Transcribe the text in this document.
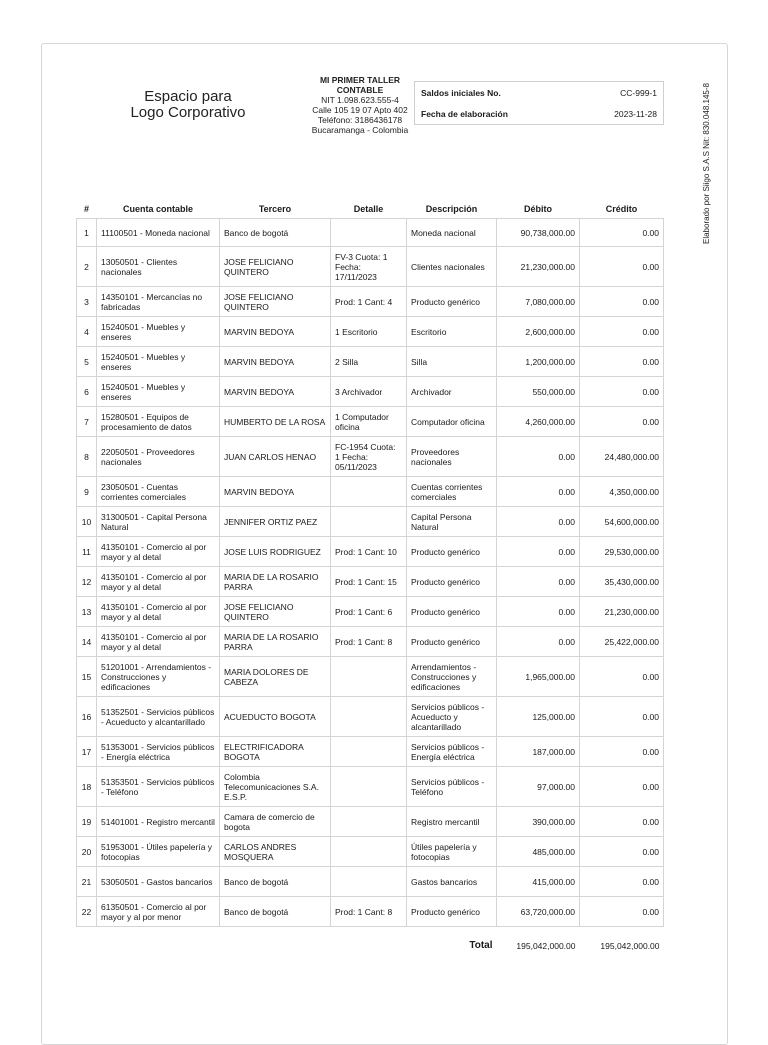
Elaborado por Siigo S.A.S Nit: 830.048.145-8
Espacio para
Logo Corporativo
MI PRIMER TALLER CONTABLE
NIT 1.098.623.555-4
Calle 105 19 07 Apto 402
Teléfono: 3186436178
Bucaramanga - Colombia
Saldos iniciales No.	CC-999-1
Fecha de elaboración	2023-11-28
#	Cuenta contable	Tercero	Detalle	Descripción	Débito	Crédito
1	11100501 - Moneda nacional	Banco de bogotá		Moneda nacional	90,738,000.00	0.00
2	13050501 - Clientes nacionales	JOSE FELICIANO QUINTERO	FV-3 Cuota: 1 Fecha: 17/11/2023	Clientes nacionales	21,230,000.00	0.00
3	14350101 - Mercancías no fabricadas	JOSE FELICIANO QUINTERO	Prod: 1 Cant: 4	Producto genérico	7,080,000.00	0.00
4	15240501 - Muebles y enseres	MARVIN BEDOYA	1 Escritorio	Escritorio	2,600,000.00	0.00
5	15240501 - Muebles y enseres	MARVIN BEDOYA	2 Silla	Silla	1,200,000.00	0.00
6	15240501 - Muebles y enseres	MARVIN BEDOYA	3 Archivador	Archivador	550,000.00	0.00
7	15280501 - Equipos de procesamiento de datos	HUMBERTO DE LA ROSA	1 Computador oficina	Computador oficina	4,260,000.00	0.00
8	22050501 - Proveedores nacionales	JUAN CARLOS HENAO	FC-1954 Cuota: 1 Fecha: 05/11/2023	Proveedores nacionales	0.00	24,480,000.00
9	23050501 - Cuentas corrientes comerciales	MARVIN BEDOYA		Cuentas corrientes comerciales	0.00	4,350,000.00
10	31300501 - Capital Persona Natural	JENNIFER ORTIZ PAEZ		Capital Persona Natural	0.00	54,600,000.00
11	41350101 - Comercio al por mayor y al detal	JOSE LUIS RODRIGUEZ	Prod: 1 Cant: 10	Producto genérico	0.00	29,530,000.00
12	41350101 - Comercio al por mayor y al detal	MARIA DE LA ROSARIO PARRA	Prod: 1 Cant: 15	Producto genérico	0.00	35,430,000.00
13	41350101 - Comercio al por mayor y al detal	JOSE FELICIANO QUINTERO	Prod: 1 Cant: 6	Producto genérico	0.00	21,230,000.00
14	41350101 - Comercio al por mayor y al detal	MARIA DE LA ROSARIO PARRA	Prod: 1 Cant: 8	Producto genérico	0.00	25,422,000.00
15	51201001 - Arrendamientos - Construcciones y edificaciones	MARIA DOLORES DE CABEZA		Arrendamientos - Construcciones y edificaciones	1,965,000.00	0.00
16	51352501 - Servicios públicos - Acueducto y alcantarillado	ACUEDUCTO BOGOTA		Servicios públicos - Acueducto y alcantarillado	125,000.00	0.00
17	51353001 - Servicios públicos - Energía eléctrica	ELECTRIFICADORA BOGOTA		Servicios públicos - Energía eléctrica	187,000.00	0.00
18	51353501 - Servicios públicos - Teléfono	Colombia Telecomunicaciones S.A. E.S.P.		Servicios públicos - Teléfono	97,000.00	0.00
19	51401001 - Registro mercantil	Camara de comercio de bogota		Registro mercantil	390,000.00	0.00
20	51953001 - Útiles papelería y fotocopias	CARLOS ANDRES MOSQUERA		Útiles papelería y fotocopias	485,000.00	0.00
21	53050501 - Gastos bancarios	Banco de bogotá		Gastos bancarios	415,000.00	0.00
22	61350501 - Comercio al por mayor y al por menor	Banco de bogotá	Prod: 1 Cant: 8	Producto genérico	63,720,000.00	0.00
Total					195,042,000.00	195,042,000.00
